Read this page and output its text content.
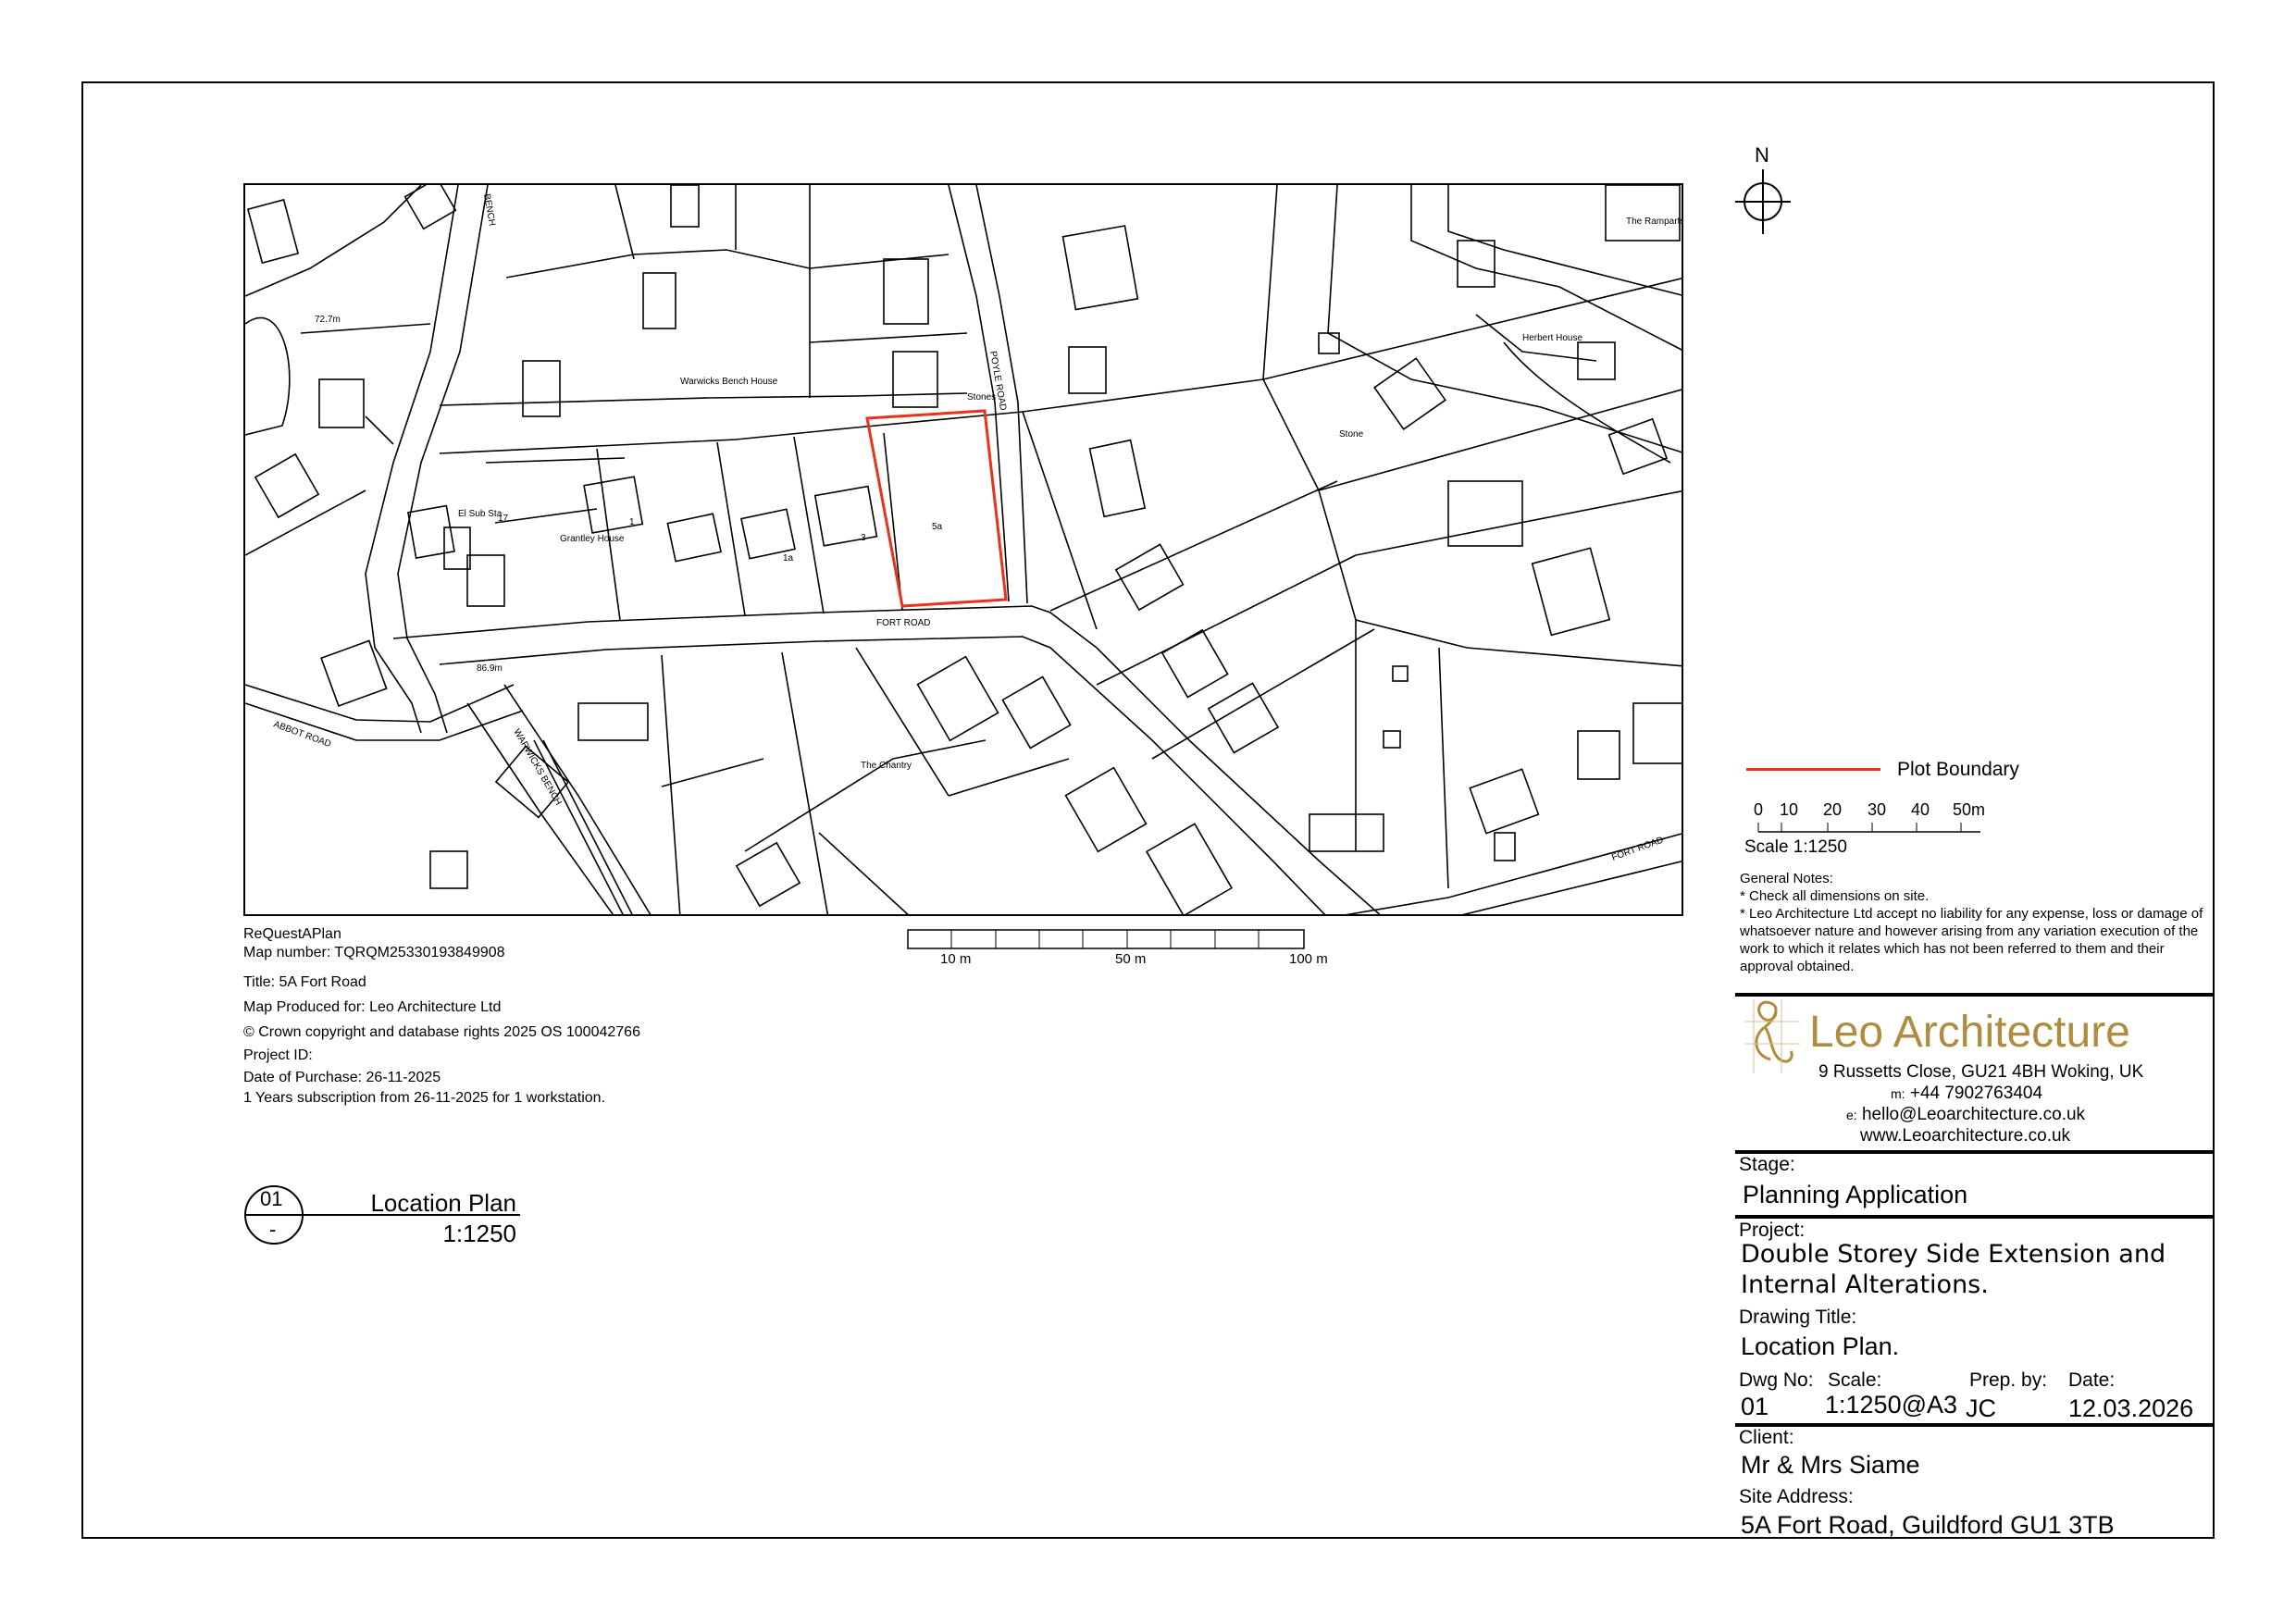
FORT ROAD
POYLE ROAD
ABBOT ROAD	WARWICKS BENCH
BENCH
FORT ROAD
Warwicks Bench House
Grantley House
El Sub Sta
The Chantry
Stones
Stone
Herbert House
The Ramparts
72.7m
86.9m
5a
3
1a
1
17
N
Plot Boundary
0 10 20 30 40 50m
Scale 1:1250
General Notes:
* Check all dimensions on site.
* Leo Architecture Ltd accept no liability for any expense, loss or damage of whatsoever nature and however arising from any variation execution of the work to which it relates which has not been referred to them and their approval obtained.
ReQuestAPlan
Map number: TQRQM25330193849908
Title: 5A Fort Road
Map Produced for: Leo Architecture Ltd
© Crown copyright and database rights 2025 OS 100042766
Project ID:
Date of Purchase: 26-11-2025
1 Years subscription from 26-11-2025 for 1 workstation.
10 m	50 m	100 m
01
-
Location Plan
1:1250
Leo Architecture
9 Russetts Close, GU21 4BH Woking, UK
m: +44 7902763404
e: hello@Leoarchitecture.co.uk
www.Leoarchitecture.co.uk
Stage:
Planning Application
Project:
Double Storey Side Extension and
Internal Alterations.
Drawing Title:
Location Plan.
Dwg No: Scale:	Prep. by: Date:
01 1:1250@A3 JC	12.03.2026
Client:
Mr & Mrs Siame
Site Address:
5A Fort Road, Guildford GU1 3TB
